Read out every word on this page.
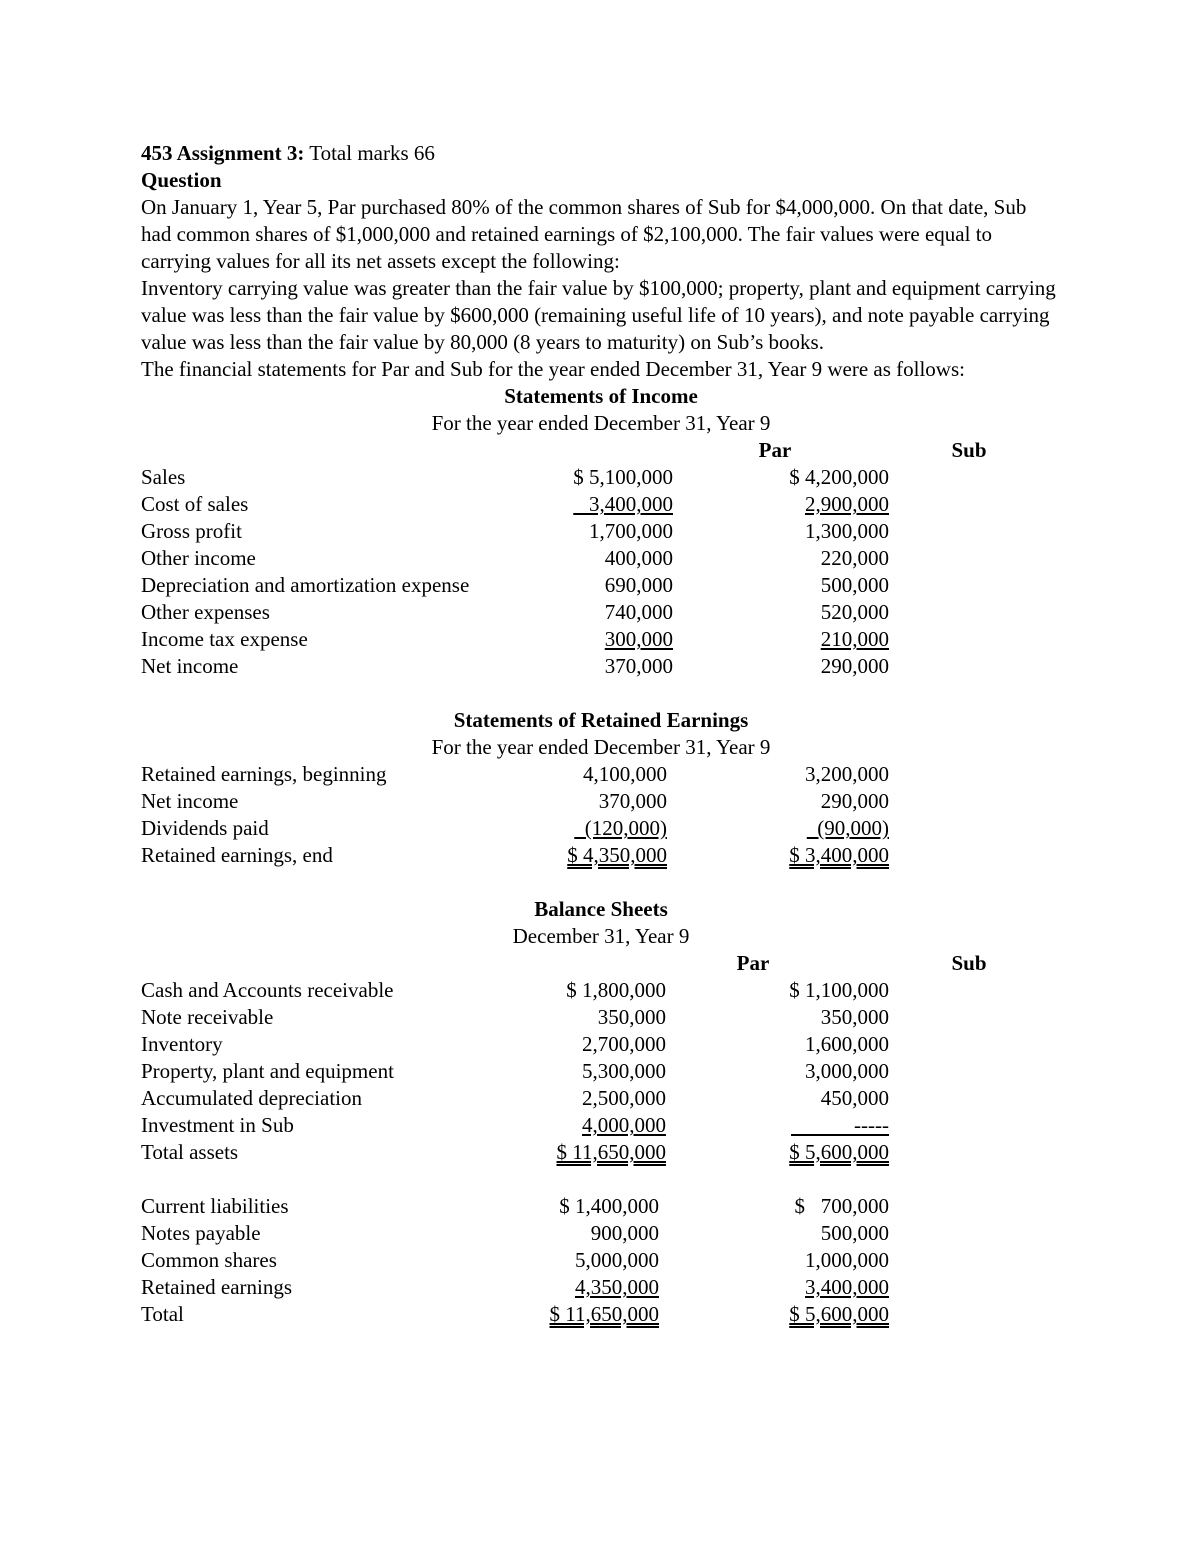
453 Assignment 3: Total marks 66

Question

On January 1, Year 5, Par purchased 80% of the common shares of Sub for $4,000,000. On that date, Sub had common shares of $1,000,000 and retained earnings of $2,100,000. The fair values were equal to carrying values for all its net assets except the following:

Inventory carrying value was greater than the fair value by $100,000; property, plant and equipment carrying value was less than the fair value by $600,000 (remaining useful life of 10 years), and note payable carrying value was less than the fair value by 80,000 (8 years to maturity) on Sub’s books.

The financial statements for Par and Sub for the year ended December 31, Year 9 were as follows:

Statements of Income
For the year ended December 31, Year 9
Par	Sub
Sales	$ 5,100,000	$ 4,200,000
Cost of sales	3,400,000	2,900,000
Gross profit	1,700,000	1,300,000
Other income	400,000	220,000
Depreciation and amortization expense	690,000	500,000
Other expenses	740,000	520,000
Income tax expense	300,000	210,000
Net income	370,000	290,000
Statements of Retained Earnings
For the year ended December 31, Year 9
Retained earnings, beginning	4,100,000	3,200,000
Net income	370,000	290,000
Dividends paid	(120,000)	(90,000)
Retained earnings, end	$ 4,350,000	$ 3,400,000
Balance Sheets
December 31, Year 9
Par	Sub
Cash and Accounts receivable	$ 1,800,000	$ 1,100,000
Note receivable	350,000	350,000
Inventory	2,700,000	1,600,000
Property, plant and equipment	5,300,000	3,000,000
Accumulated depreciation	2,500,000	450,000
Investment in Sub	4,000,000	-----
Total assets	$ 11,650,000	$ 5,600,000
Current liabilities	$ 1,400,000	$   700,000
Notes payable	900,000	500,000
Common shares	5,000,000	1,000,000
Retained earnings	4,350,000	3,400,000
Total	$ 11,650,000	$ 5,600,000
